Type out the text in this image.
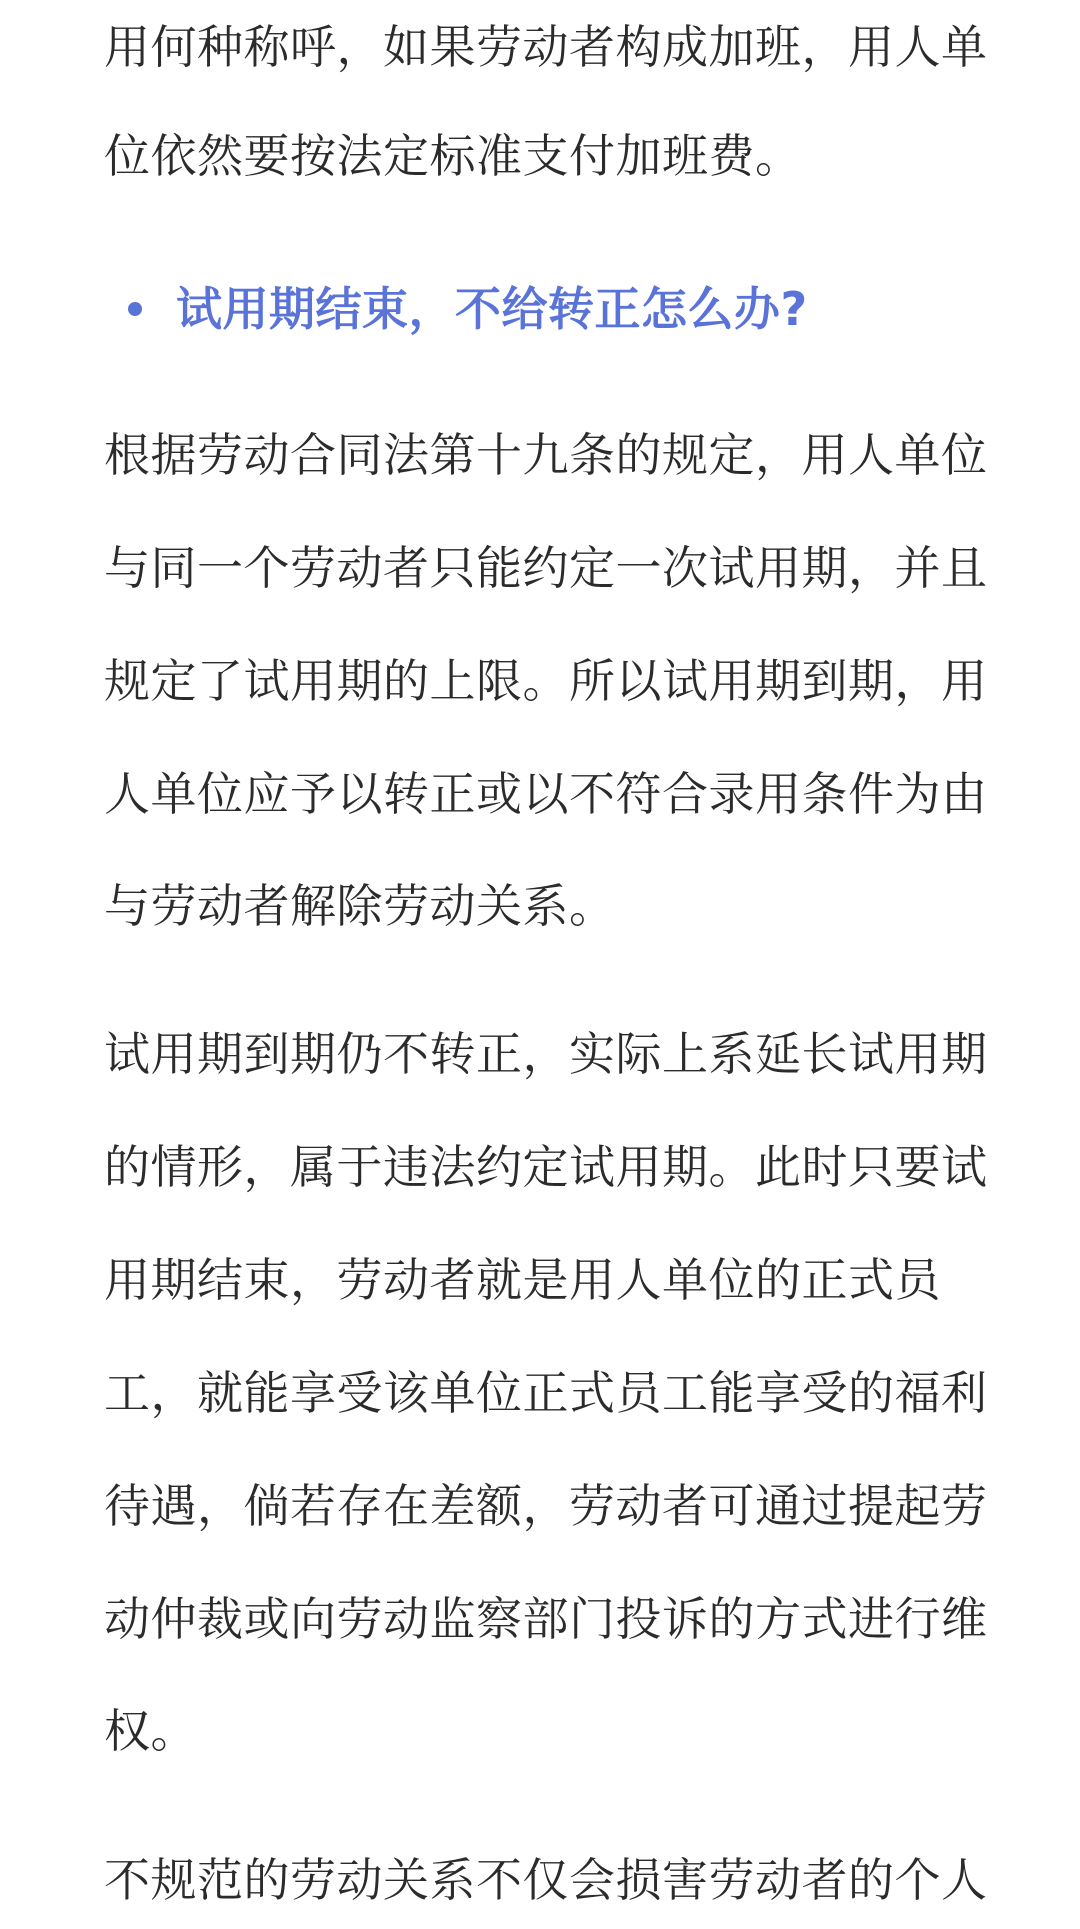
用何种称呼，如果劳动者构成加班，用人单
位依然要按法定标准支付加班费。
试用期结束，不给转正怎么办?
根据劳动合同法第十九条的规定，用人单位
与同一个劳动者只能约定一次试用期，并且
规定了试用期的上限。所以试用期到期，用
人单位应予以转正或以不符合录用条件为由
与劳动者解除劳动关系。
试用期到期仍不转正，实际上系延长试用期
的情形，属于违法约定试用期。此时只要试
用期结束，劳动者就是用人单位的正式员
工，就能享受该单位正式员工能享受的福利
待遇，倘若存在差额，劳动者可通过提起劳
动仲裁或向劳动监察部门投诉的方式进行维
权。
不规范的劳动关系不仅会损害劳动者的个人
